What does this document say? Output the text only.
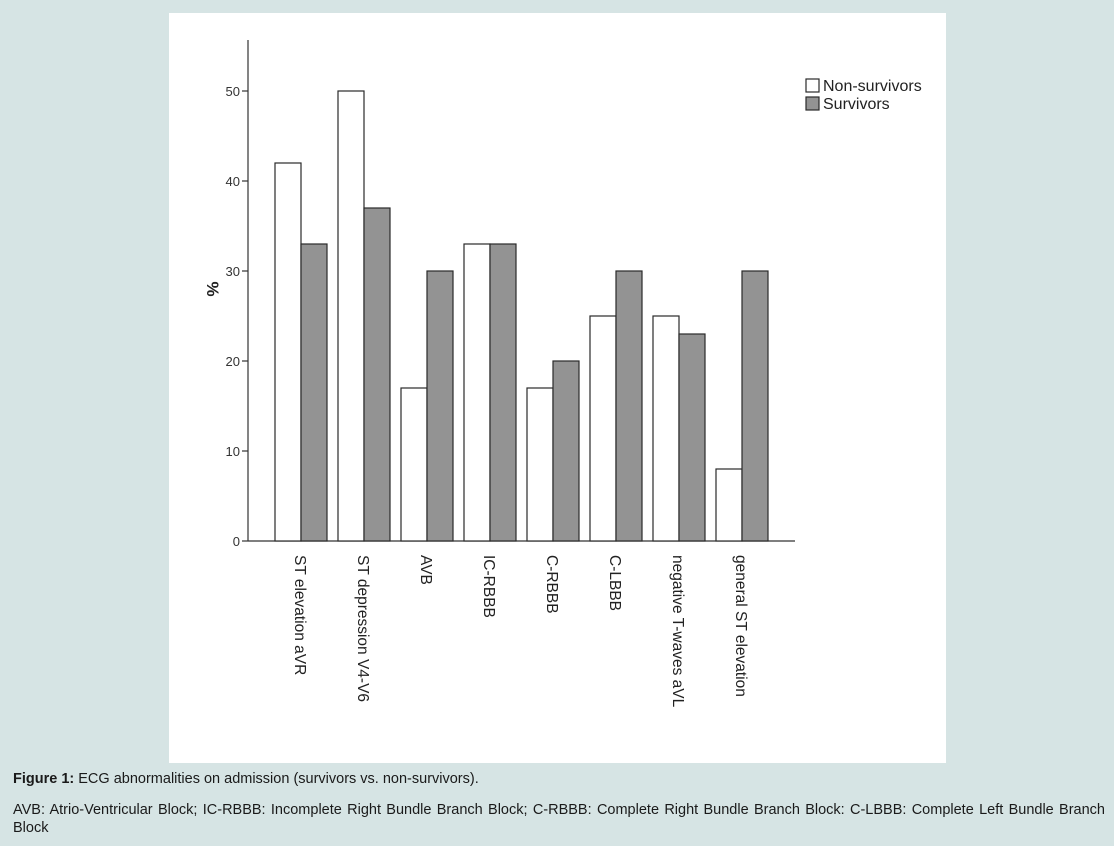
0
10
20
30
40
50
%
ST elevation aVR	ST depression V4-V6	AVB	IC-RBBB	C-RBBB	C-LBBB	negative T-waves aVL	general ST elevation
Non-survivors
Survivors

Figure 1: ECG abnormalities on admission (survivors vs. non-survivors).

AVB: Atrio-Ventricular Block; IC-RBBB: Incomplete Right Bundle Branch Block; C-RBBB: Complete Right Bundle Branch Block: C-LBBB: Complete Left Bundle Branch Block
